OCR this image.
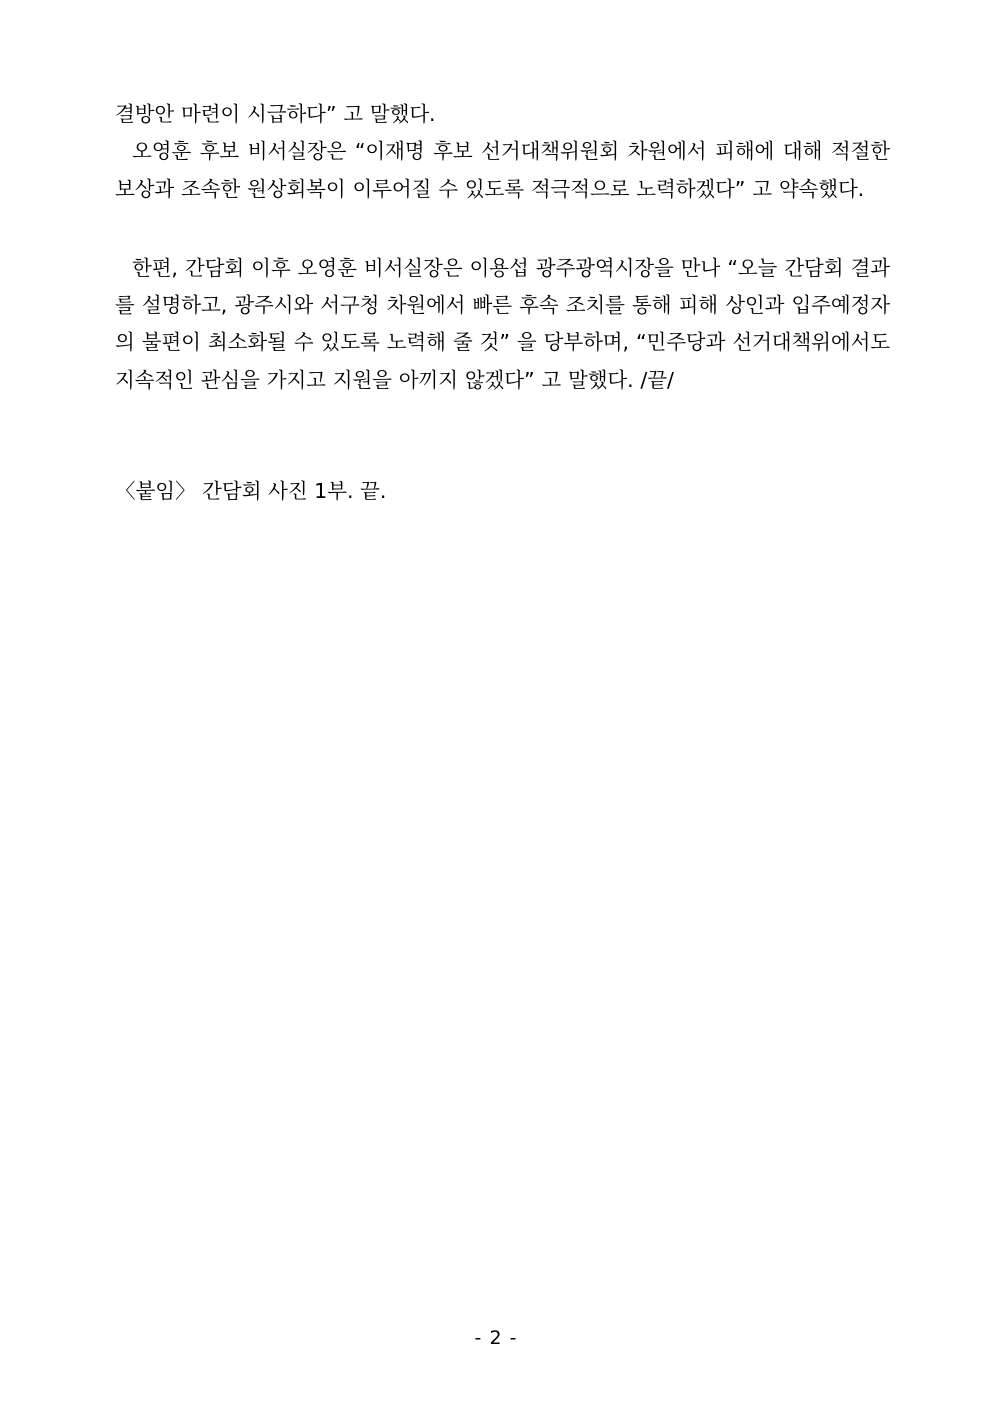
결방안 마련이 시급하다” 고 말했다.

오영훈 후보 비서실장은 “이재명 후보 선거대책위원회 차원에서 피해에 대해 적절한 보상과 조속한 원상회복이 이루어질 수 있도록 적극적으로 노력하겠다” 고 약속했다.

한편, 간담회 이후 오영훈 비서실장은 이용섭 광주광역시장을 만나 “오늘 간담회 결과를 설명하고, 광주시와 서구청 차원에서 빠른 후속 조치를 통해 피해 상인과 입주예정자의 불편이 최소화될 수 있도록 노력해 줄 것” 을 당부하며, “민주당과 선거대책위에서도 지속적인 관심을 가지고 지원을 아끼지 않겠다” 고 말했다. /끝/

〈붙임〉 간담회 사진 1부. 끝.

- 2 -
